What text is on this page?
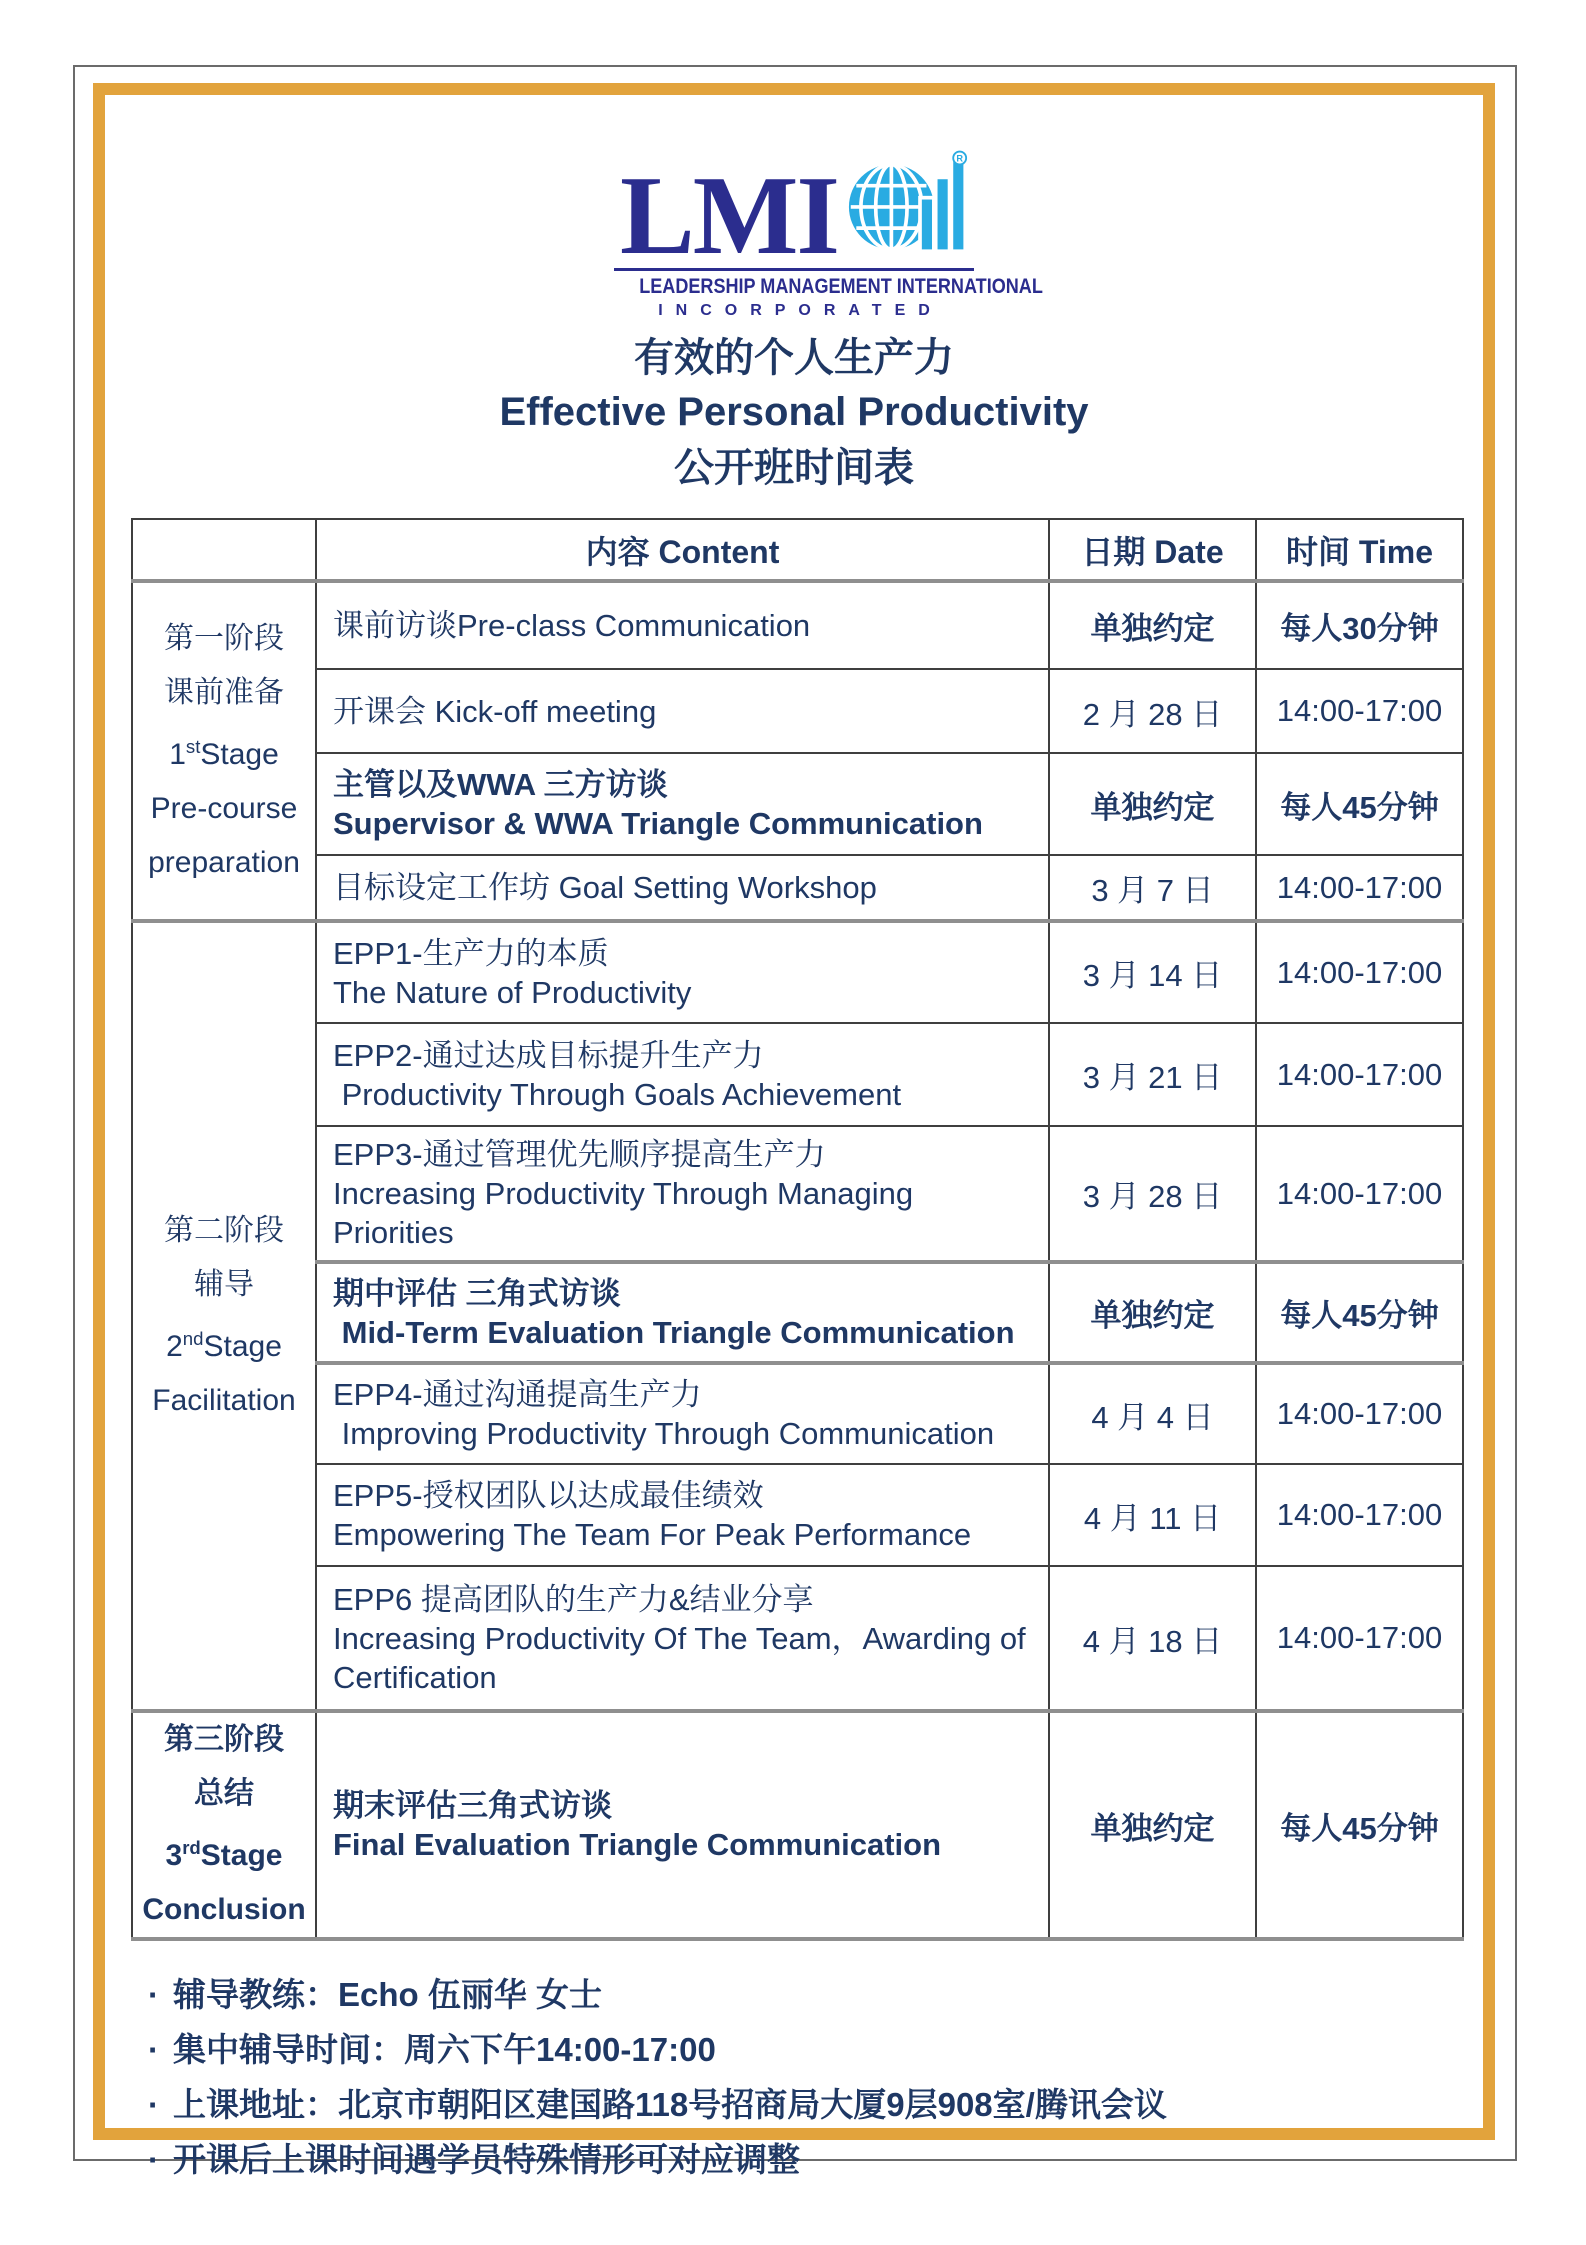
LMI	R
LEADERSHIP MANAGEMENT INTERNATIONAL
INCORPORATED
有效的个人生产力
Effective Personal Productivity
公开班时间表
	内容 Content	日期 Date	时间 Time

第一阶段
课前准备
1stStage
Pre-course
preparation	课前访谈Pre-class Communication	单独约定	每人30分钟

	开课会 Kick-off meeting	2 月 28 日	14:00-17:00

	主管以及WWA 三方访谈
Supervisor & WWA Triangle Communication	单独约定	每人45分钟

	目标设定工作坊 Goal Setting Workshop	3 月 7 日	14:00-17:00

第二阶段
辅导
2ndStage
Facilitation

EPP1-生产力的本质
The Nature of Productivity	3 月 14 日	14:00-17:00

	EPP2-通过达成目标提升生产力
Productivity Through Goals Achievement	3 月 21 日	14:00-17:00

	EPP3-通过管理优先顺序提高生产力
Increasing Productivity Through Managing
Priorities	3 月 28 日	14:00-17:00

	期中评估 三角式访谈
Mid-Term Evaluation Triangle Communication	单独约定	每人45分钟

	EPP4-通过沟通提高生产力
Improving Productivity Through Communication	4 月 4 日	14:00-17:00

	EPP5-授权团队以达成最佳绩效
Empowering The Team For Peak Performance	4 月 11 日	14:00-17:00

	EPP6 提高团队的生产力&结业分享
Increasing Productivity Of The Team，Awarding of
Certification	4 月 18 日	14:00-17:00

第三阶段
总结
3rdStage
Conclusion

期末评估三角式访谈
Final Evaluation Triangle Communication	单独约定	每人45分钟
· 辅导教练：Echo 伍丽华 女士
· 集中辅导时间：周六下午14:00-17:00
· 上课地址：北京市朝阳区建国路118号招商局大厦9层908室/腾讯会议
· 开课后上课时间遇学员特殊情形可对应调整
